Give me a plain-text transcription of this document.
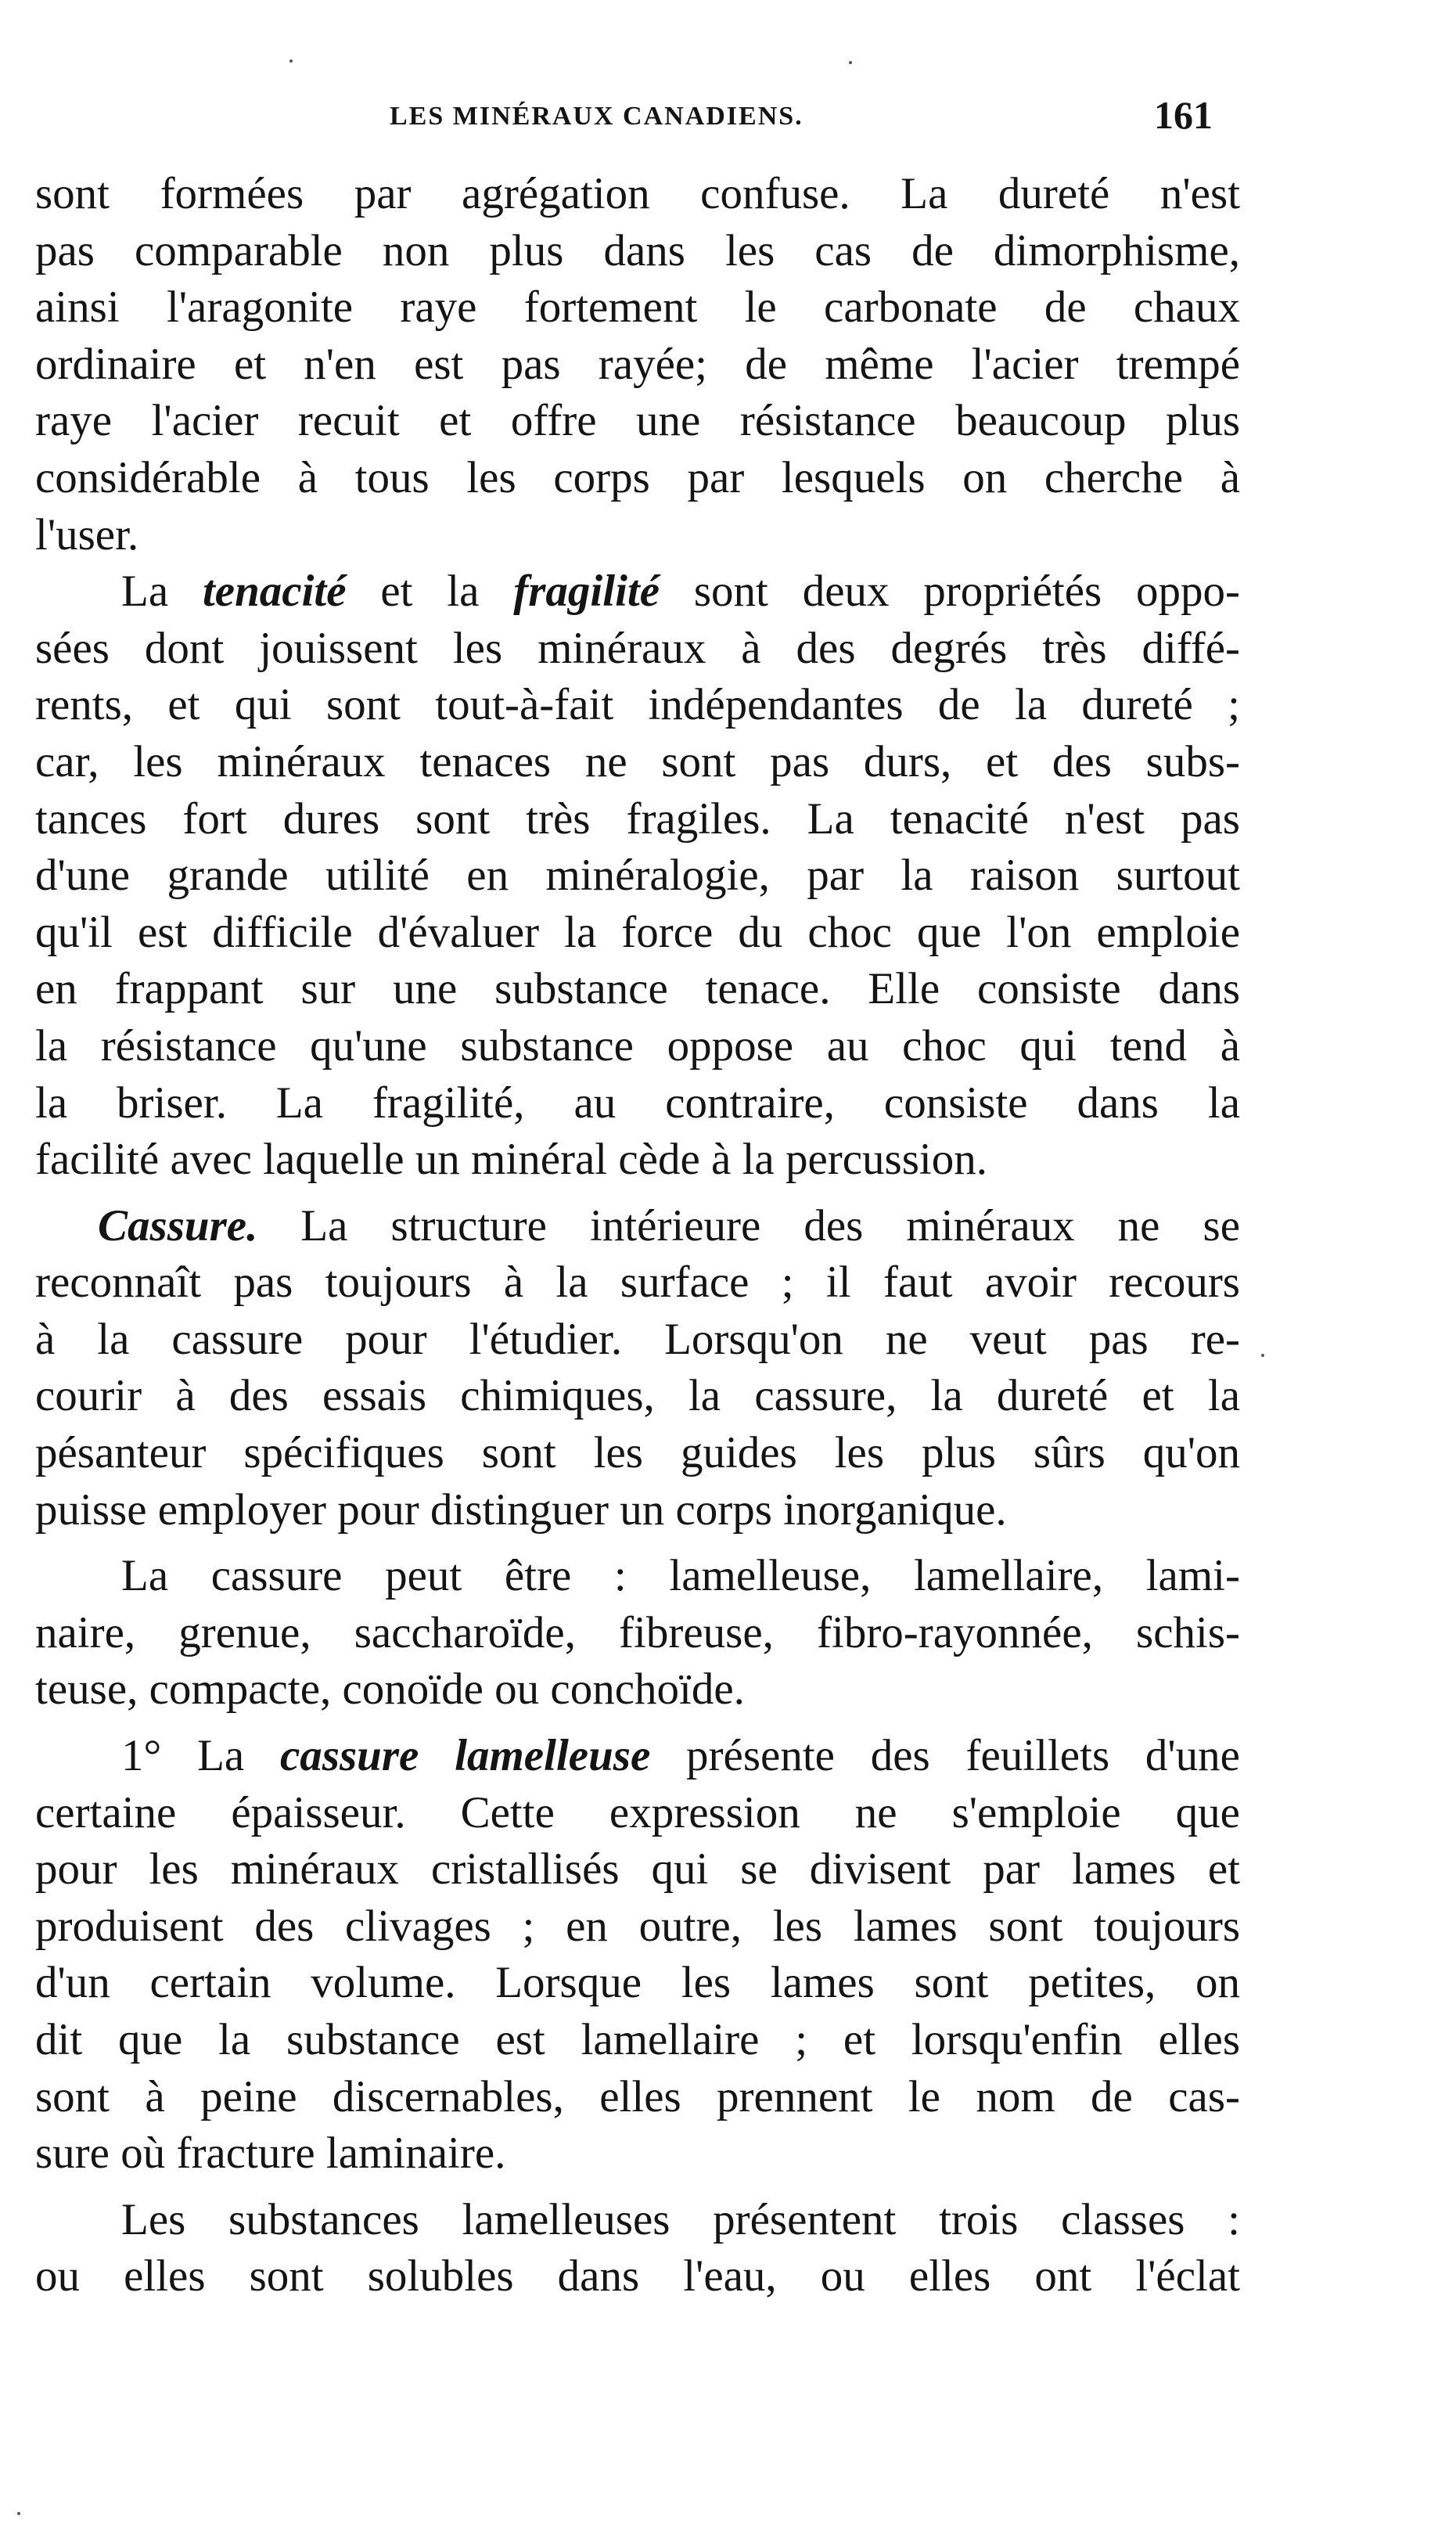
LES MINÉRAUX CANADIENS.	161

sont formées par agrégation confuse. La dureté n'est
pas comparable non plus dans les cas de dimorphisme,
ainsi l'aragonite raye fortement le carbonate de chaux
ordinaire et n'en est pas rayée; de même l'acier trempé
raye l'acier recuit et offre une résistance beaucoup plus
considérable à tous les corps par lesquels on cherche à
l'user.

La tenacité et la fragilité sont deux propriétés oppo-
sées dont jouissent les minéraux à des degrés très diffé-
rents, et qui sont tout-à-fait indépendantes de la dureté ;
car, les minéraux tenaces ne sont pas durs, et des subs-
tances fort dures sont très fragiles. La tenacité n'est pas
d'une grande utilité en minéralogie, par la raison surtout
qu'il est difficile d'évaluer la force du choc que l'on emploie
en frappant sur une substance tenace. Elle consiste dans
la résistance qu'une substance oppose au choc qui tend à
la briser. La fragilité, au contraire, consiste dans la
facilité avec laquelle un minéral cède à la percussion.

Cassure. La structure intérieure des minéraux ne se
reconnaît pas toujours à la surface ; il faut avoir recours
à la cassure pour l'étudier. Lorsqu'on ne veut pas re-
courir à des essais chimiques, la cassure, la dureté et la
pésanteur spécifiques sont les guides les plus sûrs qu'on
puisse employer pour distinguer un corps inorganique.

La cassure peut être : lamelleuse, lamellaire, lami-
naire, grenue, saccharoïde, fibreuse, fibro-rayonnée, schis-
teuse, compacte, conoïde ou conchoïde.

1° La cassure lamelleuse présente des feuillets d'une
certaine épaisseur. Cette expression ne s'emploie que
pour les minéraux cristallisés qui se divisent par lames et
produisent des clivages ; en outre, les lames sont toujours
d'un certain volume. Lorsque les lames sont petites, on
dit que la substance est lamellaire ; et lorsqu'enfin elles
sont à peine discernables, elles prennent le nom de cas-
sure où fracture laminaire.

Les substances lamelleuses présentent trois classes :
ou elles sont solubles dans l'eau, ou elles ont l'éclat
